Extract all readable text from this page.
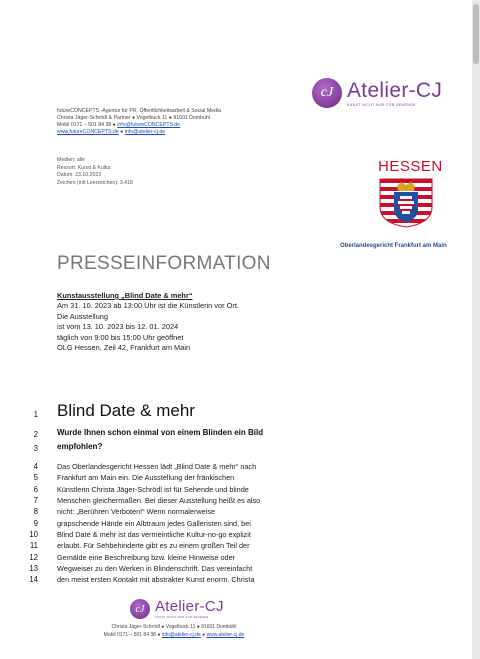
cJ Atelier-CJ
KUNST NICHT NUR FÜR SEHENDE
futureCONCEPTS -Agentur für PR, Öffentlichkeitsarbeit & Social Media
Christa Jäger-Schrödl & Partner ● Vogelbuck 11 ● 91601 Dombühl
Mobil 0171 – 501 84 38 ● info@futureCONCEPTS.de
www.futureCONCEPTS.de ● info@atelier-cj.de
Medien: alle
Ressort: Kunst & Kultur
Datum: 23.10.2023
Zeichen (mit Leerzeichen): 3.418
HESSEN
Oberlandesgericht Frankfurt am Main
PRESSEINFORMATION
Kunstausstellung „Blind Date & mehr“
Am 31. 10. 2023 ab 13:00 Uhr ist die Künstlerin vor Ort.
Die Ausstellung
ist vom 13. 10. 2023 bis 12. 01. 2024
täglich von 9:00 bis 15:00 Uhr geöffnet
OLG Hessen, Zeil 42, Frankfurt am Main
1
2
3
4
5
6
7
8
9
10
11
12
13
14
Blind Date & mehr
Wurde Ihnen schon einmal von einem Blinden ein Bild
empfohlen?
Das Oberlandesgericht Hessen lädt „Blind Date & mehr“ nach
Frankfurt am Main ein. Die Ausstellung der fränkischen
Künstlerin Christa Jäger-Schrödl ist für Sehende und blinde
Menschen gleichermaßen. Bei dieser Ausstellung heißt es also
nicht: „Berühren Verboten!“ Wenn normalerweise
grapschende Hände ein Albtraum jedes Galleristen sind, bei
Blind Date & mehr ist das vermeintliche Kultur-no-go explizit
erlaubt. Für Sehbehinderte gibt es zu einem großen Teil der
Gemälde eine Beschreibung bzw. kleine Hinweise oder
Wegweiser zu den Werken in Blindenschrift. Das vereinfacht
den meist ersten Kontakt mit abstrakter Kunst enorm. Christa
cJ Atelier-CJ
KUNST NICHT NUR FÜR SEHENDE
Christa Jäger-Schrödl ● Vogelbuck 11 ● 91601 Dombühl
Mobil 0171 – 501 84 38 ● info@atelier-cj.de ● www.atelier-cj.de
